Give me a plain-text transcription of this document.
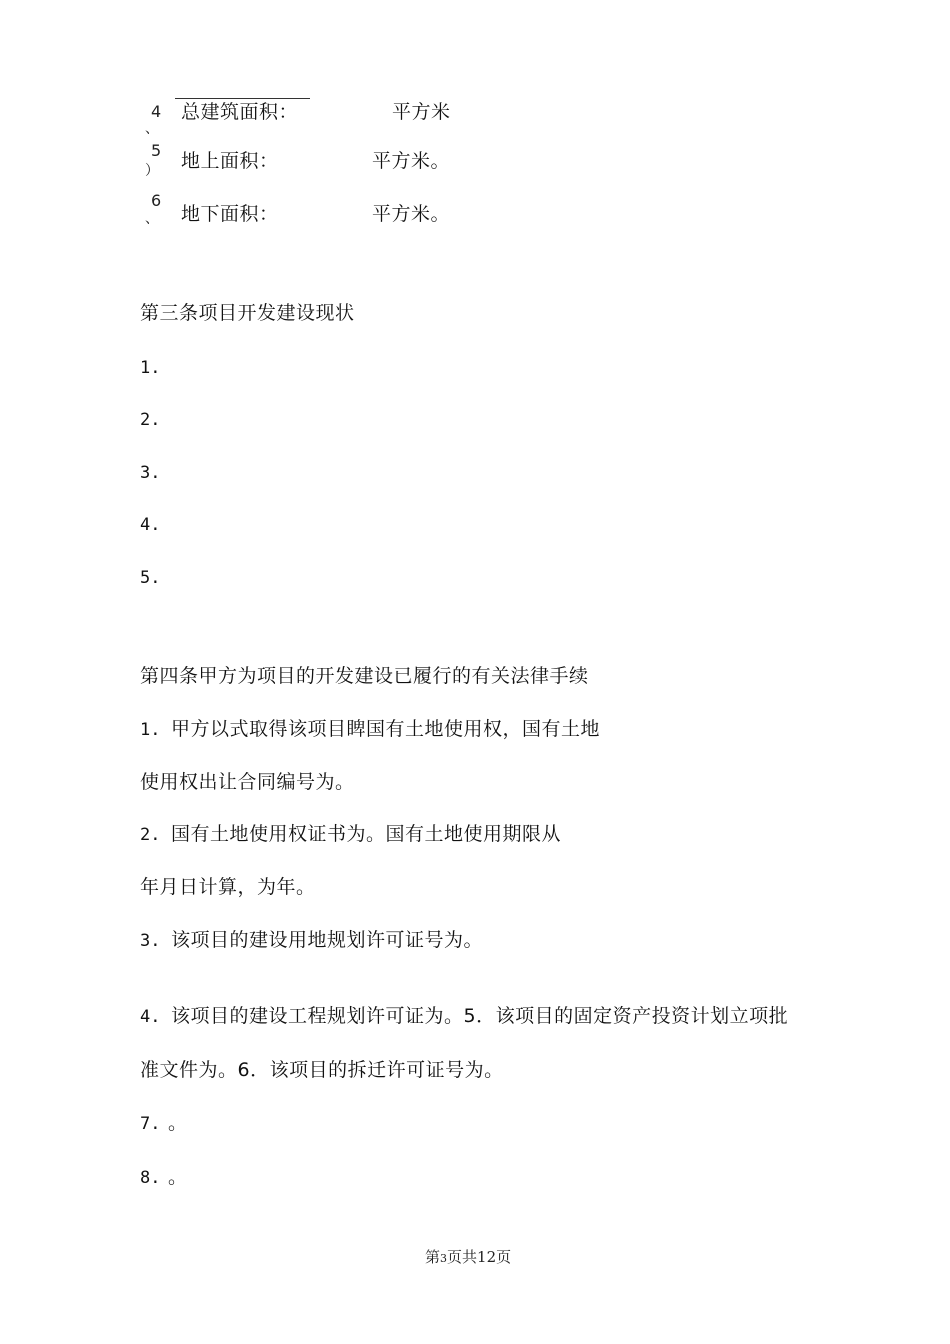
4
、
总建筑面积：	平方米
5
） 地上面积：	平方米。
6
、 地下面积：	平方米。
第三条项目开发建设现状
1.
2.
3.
4.
5.
第四条甲方为项目的开发建设已履行的有关法律手续
1. 甲方以式取得该项目睥国有土地使用权，国有土地
使用权出让合同编号为。
2. 国有土地使用权证书为。国有土地使用期限从
年月日计算，为年。
3. 该项目的建设用地规划许可证号为。
4. 该项目的建设工程规划许可证为。5．该项目的固定资产投资计划立项批
准文件为。6．该项目的拆迁许可证号为。
7. 。
8. 。
第3页共12页
